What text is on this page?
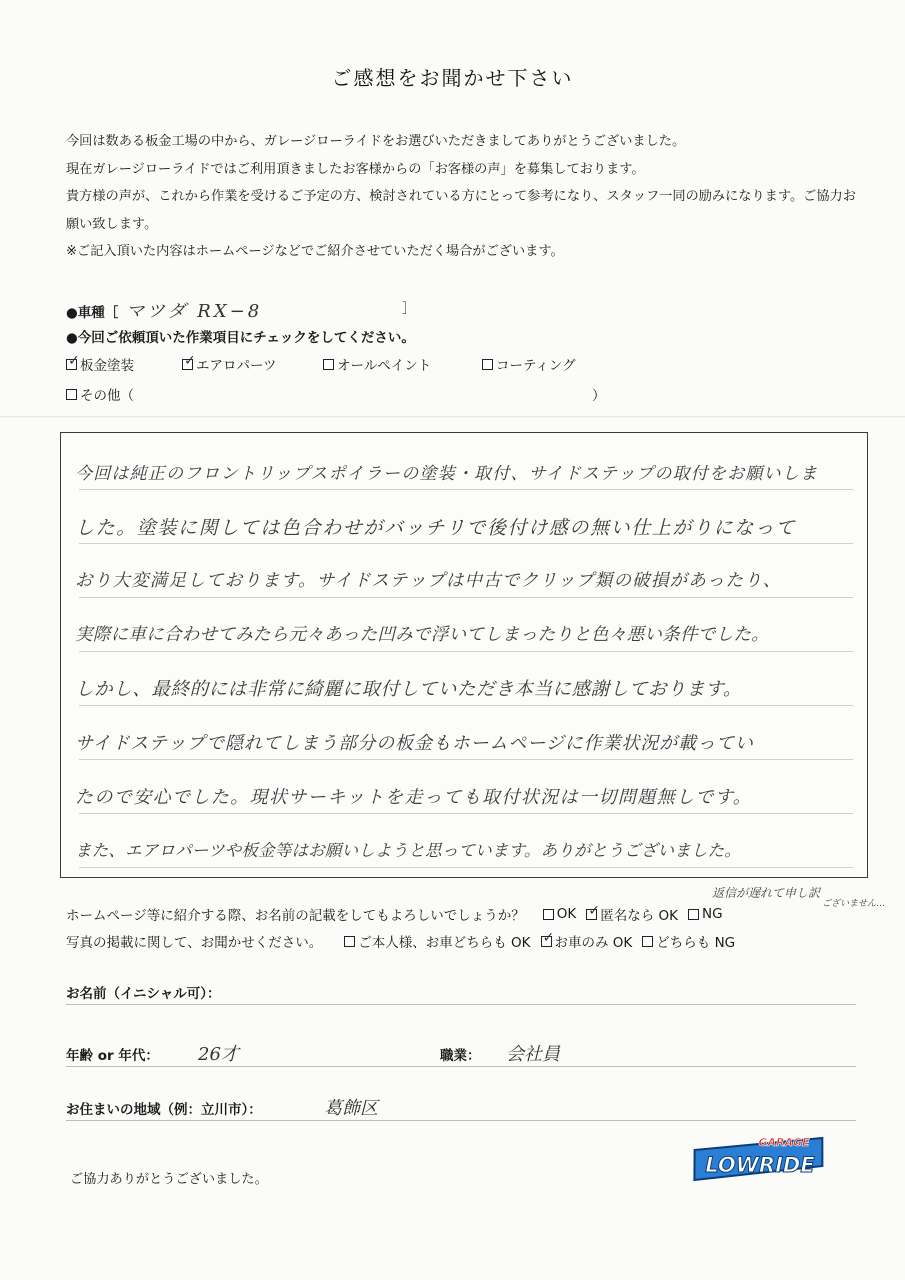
ご感想をお聞かせ下さい

今回は数ある板金工場の中から、ガレージローライドをお選びいただきましてありがとうございました。

現在ガレージローライドではご利用頂きましたお客様からの「お客様の声」を募集しております。

貴方様の声が、これから作業を受けるご予定の方、検討されている方にとって参考になり、スタッフ一同の励みになります。ご協力お願い致します。

※ご記入頂いた内容はホームページなどでご紹介させていただく場合がございます。

●車種［ マツダ RX−8	］
●今回ご依頼頂いた作業項目にチェックをしてください。
✓ 板金塗装	✓ エアロパーツ	オールペイント	コーティング
その他（	）
今回は純正のフロントリップスポイラーの塗装・取付、サイドステップの取付をお願いしま
した。塗装に関しては色合わせがバッチリで後付け感の無い仕上がりになって
おり大変満足しております。サイドステップは中古でクリップ類の破損があったり、
実際に車に合わせてみたら元々あった凹みで浮いてしまったりと色々悪い条件でした。
しかし、最終的には非常に綺麗に取付していただき本当に感謝しております。
サイドステップで隠れてしまう部分の板金もホームページに作業状況が載ってい
たので安心でした。現状サーキットを走っても取付状況は一切問題無しです。
また、エアロパーツや板金等はお願いしようと思っています。ありがとうございました。
返信が遅れて申し訳
ございません…
ホームページ等に紹介する際、お名前の記載をしてもよろしいでしょうか？ OK ✓ 匿名なら OK NG
写真の掲載に関して、お聞かせください。	ご本人様、お車どちらも OK ✓ お車のみ OK どちらも NG
お名前（イニシャル可）：
年齢 or 年代： 26才	職業： 会社員
お住まいの地域（例：立川市）：	葛飾区
ご協力ありがとうございました。
GARAGE
LOWRIDE
